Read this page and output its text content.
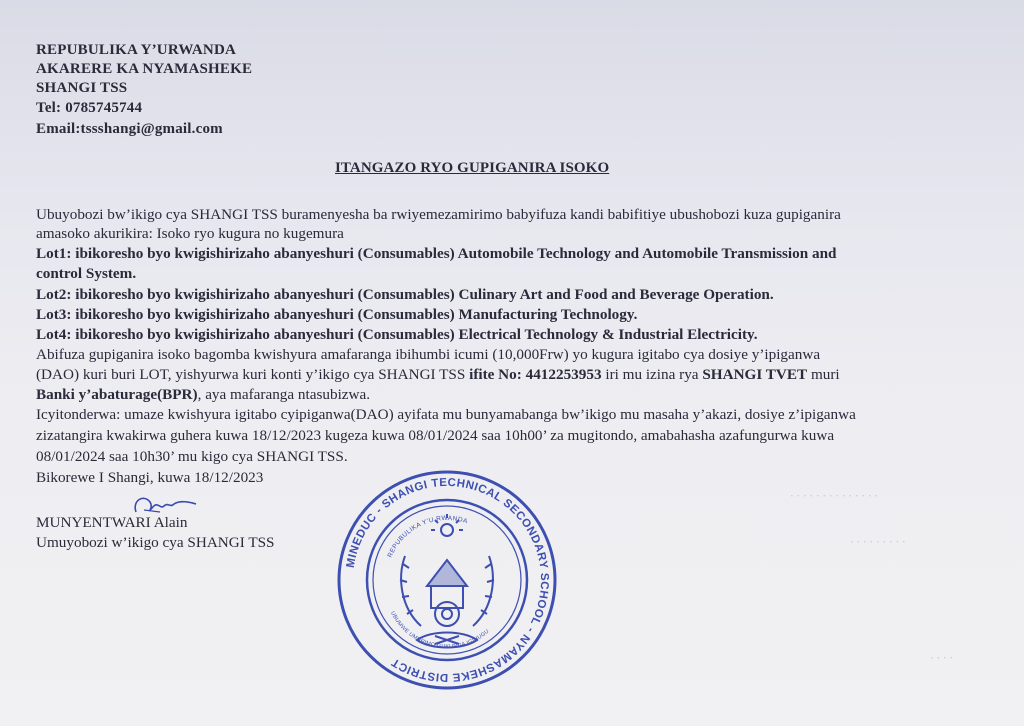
REPUBULIKA Y’URWANDA
AKARERE KA NYAMASHEKE
SHANGI TSS
Tel: 0785745744
Email:tssshangi@gmail.com
ITANGAZO RYO GUPIGANIRA ISOKO
Ubuyobozi bw’ikigo cya SHANGI TSS buramenyesha ba rwiyemezamirimo babyifuza kandi babifitiye ubushobozi kuza gupiganira
amasoko akurikira: Isoko ryo kugura no kugemura
Lot1: ibikoresho byo kwigishirizaho abanyeshuri (Consumables) Automobile Technology and Automobile Transmission and
control System.
Lot2: ibikoresho byo kwigishirizaho abanyeshuri (Consumables) Culinary Art and Food and Beverage Operation.
Lot3: ibikoresho byo kwigishirizaho abanyeshuri (Consumables) Manufacturing Technology.
Lot4: ibikoresho byo kwigishirizaho abanyeshuri (Consumables) Electrical Technology & Industrial Electricity.
Abifuza gupiganira isoko bagomba kwishyura amafaranga ibihumbi icumi (10,000Frw) yo kugura igitabo cya dosiye y’ipiganwa
(DAO) kuri buri LOT, yishyurwa kuri konti y’ikigo cya SHANGI TSS ifite No: 4412253953 iri mu izina rya SHANGI TVET muri
Banki y’abaturage(BPR), aya mafaranga ntasubizwa.
Icyitonderwa: umaze kwishyura igitabo cyipiganwa(DAO) ayifata mu bunyamabanga bw’ikigo mu masaha y’akazi, dosiye z’ipiganwa
zizatangira kwakirwa guhera kuwa 18/12/2023 kugeza kuwa 08/01/2024 saa 10h00’ za mugitondo, amabahasha azafungurwa kuwa
08/01/2024 saa 10h30’ mu kigo cya SHANGI TSS.
Bikorewe I Shangi, kuwa 18/12/2023
MUNYENTWARI Alain
Umuyobozi w’ikigo cya SHANGI TSS
· · · · · · · · · · · · · ·
· · · · · · · · ·
· · · ·
MINEDUC - SHANGI TECHNICAL SECONDARY SCHOOL - NYAMASHEKE DISTRICT
REPUBULIKA Y’U RWANDA
UBUMWE UMURIMO GUKUNDA IGIHUGU
